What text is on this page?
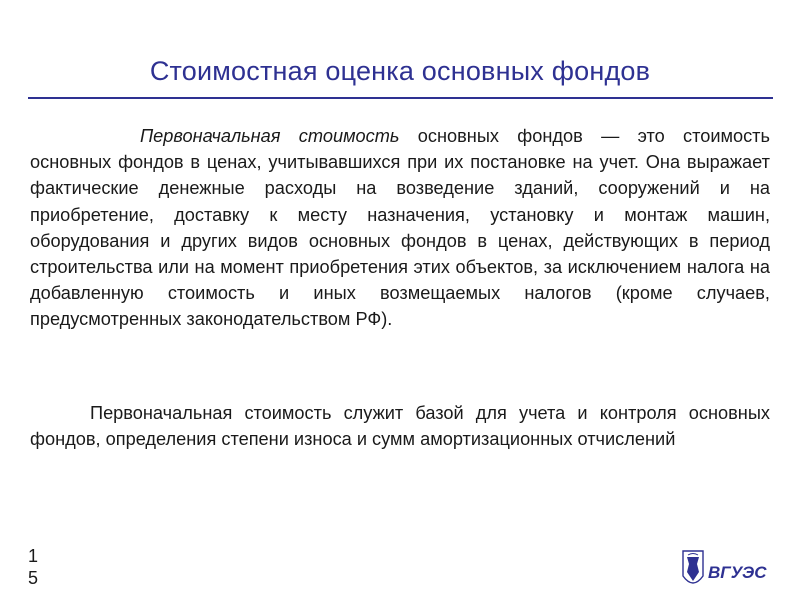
Стоимостная оценка основных фондов
Первоначальная стоимость основных фондов — это стоимость основных фондов в ценах, учитывавшихся при их постановке на учет. Она выражает фактические денежные расходы на возведение зданий, сооружений и на приобретение, доставку к месту назначения, установку и монтаж машин, оборудования и других видов основных фондов в ценах, действующих в период строительства или на момент приобретения этих объектов, за исключением налога на добавленную стоимость и иных возмещаемых налогов (кроме случаев, предусмотренных законодательством РФ).
Первоначальная стоимость служит базой для учета и контроля основных фондов, определения степени износа и сумм амортизационных отчислений
15	ВГУЭС
